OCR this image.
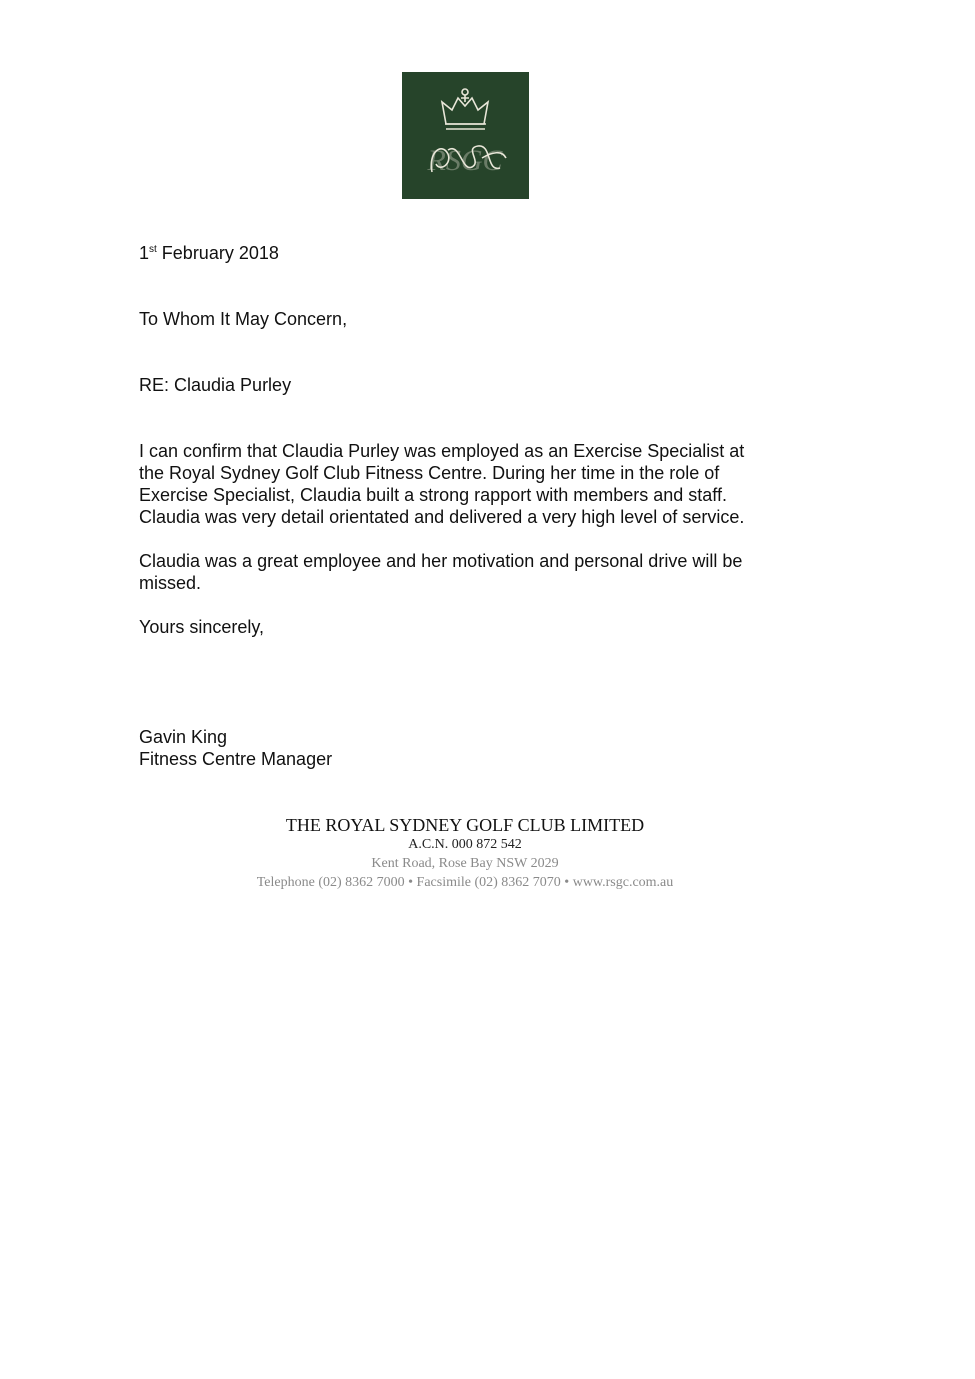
RSGC
1st February 2018
To Whom It May Concern,
RE: Claudia Purley
I can confirm that Claudia Purley was employed as an Exercise Specialist at
the Royal Sydney Golf Club Fitness Centre. During her time in the role of
Exercise Specialist, Claudia built a strong rapport with members and staff.
Claudia was very detail orientated and delivered a very high level of service.
Claudia was a great employee and her motivation and personal drive will be
missed.
Yours sincerely,
Gavin King
Fitness Centre Manager
THE ROYAL SYDNEY GOLF CLUB LIMITED
A.C.N. 000 872 542
Kent Road, Rose Bay NSW 2029
Telephone (02) 8362 7000 • Facsimile (02) 8362 7070 • www.rsgc.com.au
